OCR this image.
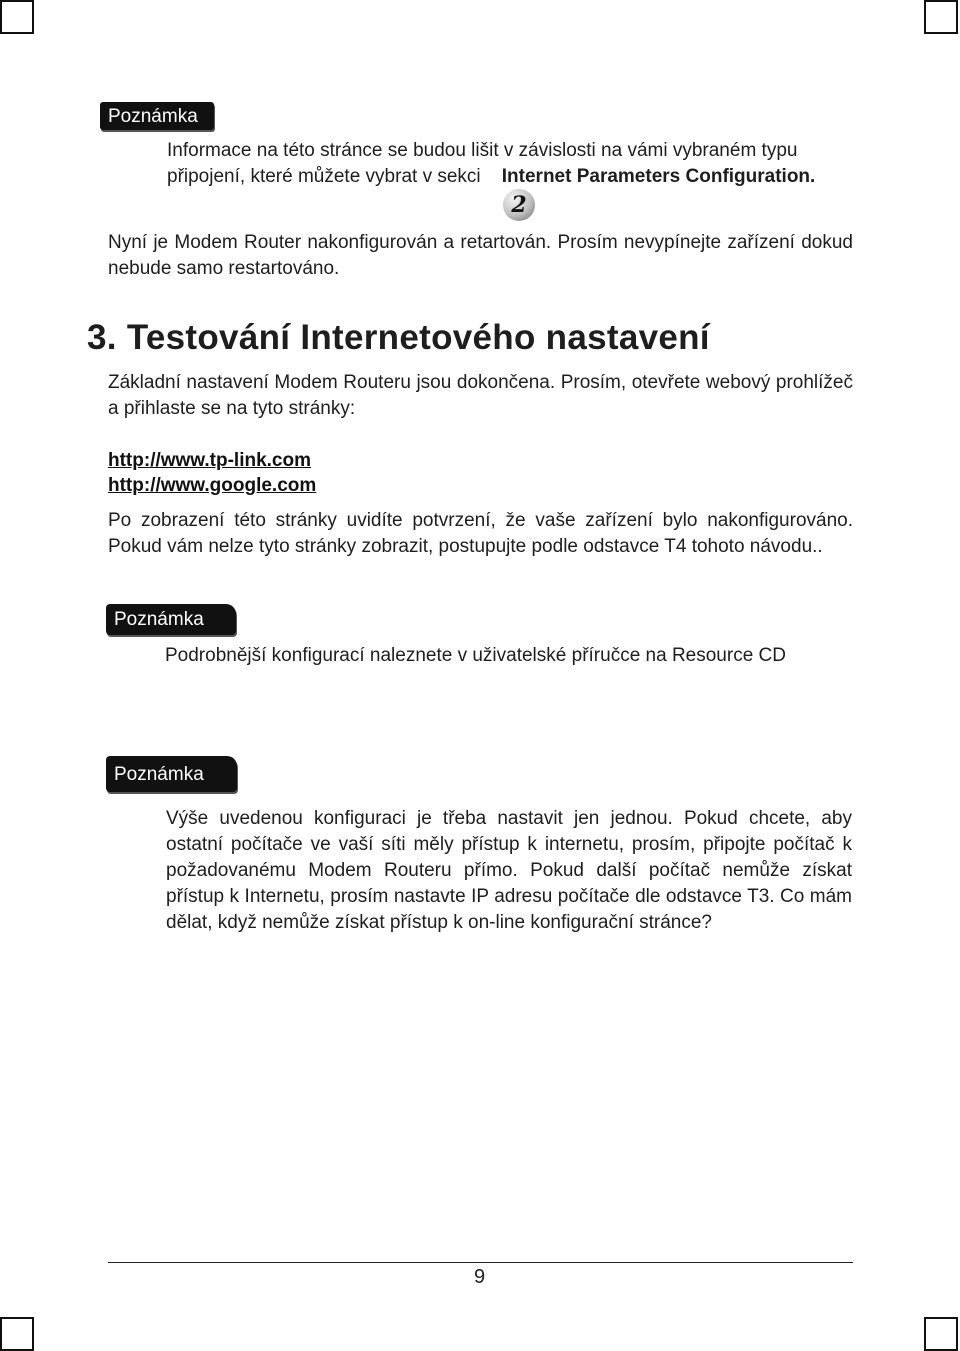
Poznámka
Informace na této stránce se budou lišit v závislosti na vámi vybraném typu
připojení, které můžete vybrat v sekci Internet Parameters Configuration.
2
Nyní je Modem Router nakonfigurován a retartován. Prosím nevypínejte zařízení dokud nebude samo restartováno.
3. Testování Internetového nastavení
Základní nastavení Modem Routeru jsou dokončena. Prosím, otevřete webový prohlížeč a přihlaste se na tyto stránky:
http://www.tp-link.com
http://www.google.com
Po zobrazení této stránky uvidíte potvrzení, že vaše zařízení bylo nakonfigurováno. Pokud vám nelze tyto stránky zobrazit, postupujte podle odstavce T4 tohoto návodu..
Poznámka
Podrobnější konfigurací naleznete v uživatelské příručce na Resource CD
Poznámka
Výše uvedenou konfiguraci je třeba nastavit jen jednou. Pokud chcete, aby ostatní počítače ve vaší síti měly přístup k internetu, prosím, připojte počítač k požadovanému Modem Routeru přímo. Pokud další počítač nemůže získat přístup k Internetu, prosím nastavte IP adresu počítače dle odstavce T3. Co mám dělat, když nemůže získat přístup k on-line konfigurační stránce?
9
